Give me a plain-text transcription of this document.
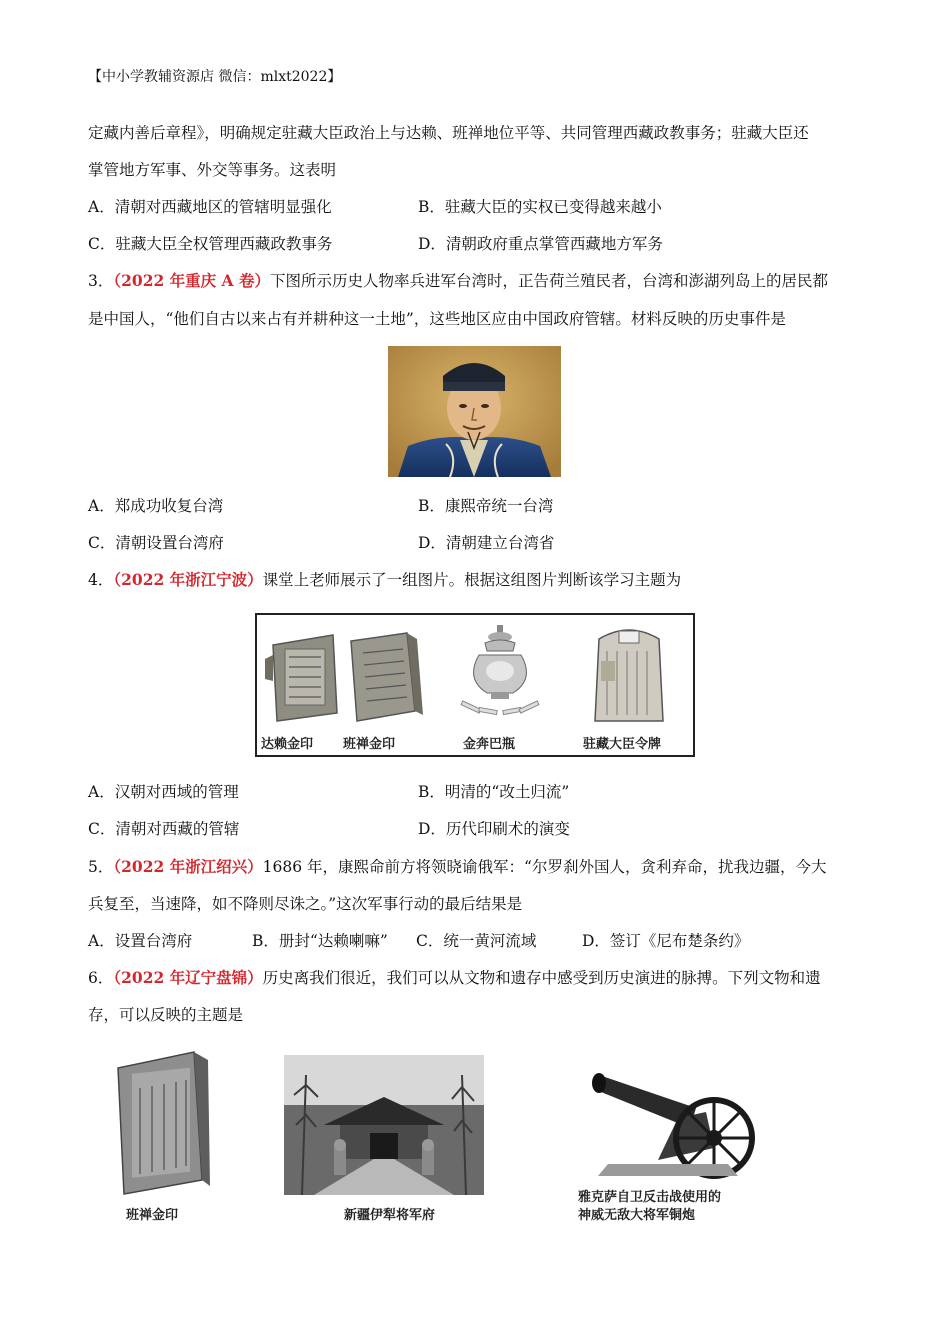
【中小学教辅资源店 微信：mlxt2022】
定藏内善后章程》，明确规定驻藏大臣政治上与达赖、班禅地位平等、共同管理西藏政教事务；驻藏大臣还
掌管地方军事、外交等事务。这表明
A．清朝对西藏地区的管辖明显强化	B．驻藏大臣的实权已变得越来越小
C．驻藏大臣全权管理西藏政教事务	D．清朝政府重点掌管西藏地方军务
3．（2022 年重庆 A 卷）下图所示历史人物率兵进军台湾时，正告荷兰殖民者，台湾和澎湖列岛上的居民都
是中国人，“他们自古以来占有并耕种这一土地”，这些地区应由中国政府管辖。材料反映的历史事件是
A．郑成功收复台湾	B．康熙帝统一台湾
C．清朝设置台湾府	D．清朝建立台湾省
4．（2022 年浙江宁波）课堂上老师展示了一组图片。根据这组图片判断该学习主题为
达赖金印 班禅金印	金奔巴瓶	驻藏大臣令牌
A．汉朝对西域的管理	B．明清的“改土归流”
C．清朝对西藏的管辖	D．历代印刷术的演变
5．（2022 年浙江绍兴）1686 年，康熙命前方将领晓谕俄军：“尔罗刹外国人，贪利弃命，扰我边疆，今大
兵复至，当速降，如不降则尽诛之。”这次军事行动的最后结果是
A．设置台湾府	B．册封“达赖喇嘛” C．统一黄河流域	D．签订《尼布楚条约》
6．（2022 年辽宁盘锦）历史离我们很近，我们可以从文物和遗存中感受到历史演进的脉搏。下列文物和遗
存，可以反映的主题是
班禅金印	新疆伊犁将军府
雅克萨自卫反击战使用的
神威无敌大将军铜炮
